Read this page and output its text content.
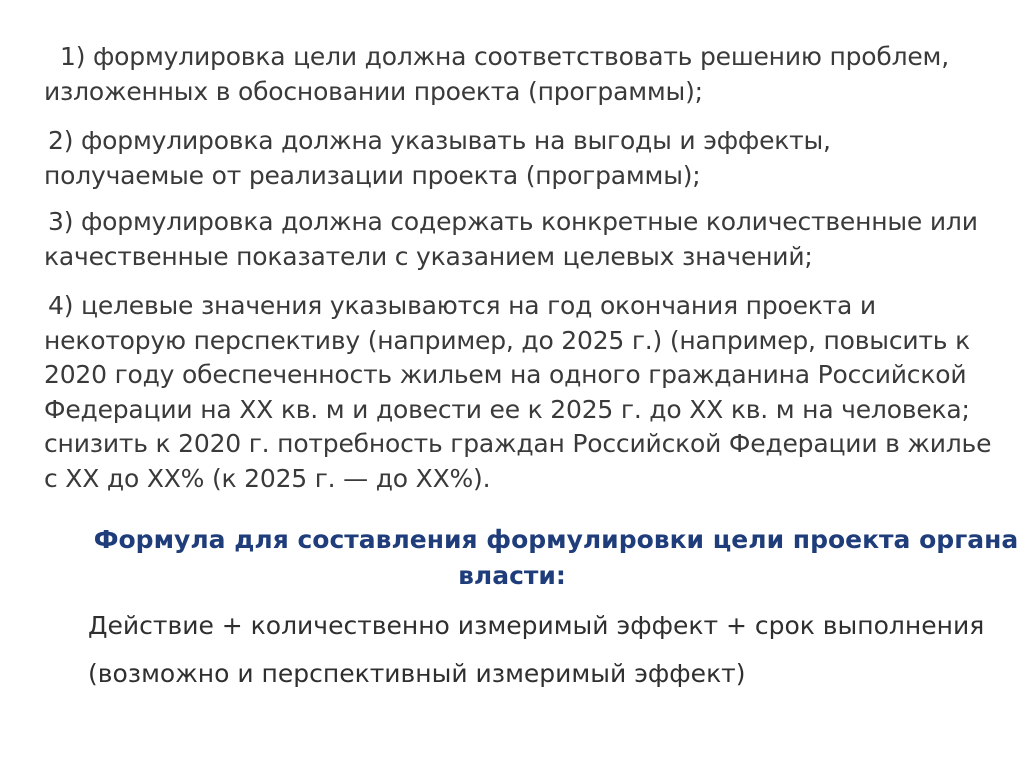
1) формулировка цели должна соответствовать решению проблем,
изложенных в обосновании проекта (программы);

2) формулировка должна указывать на выгоды и эффекты,
получаемые от реализации проекта (программы);

3) формулировка должна содержать конкретные количественные или
качественные показатели с указанием целевых значений;

4) целевые значения указываются на год окончания проекта и
некоторую перспективу (например, до 2025 г.) (например, повысить к
2020 году обеспеченность жильем на одного гражданина Российской
Федерации на XX кв. м и довести ее к 2025 г. до XX кв. м на человека;
снизить к 2020 г. потребность граждан Российской Федерации в жилье
с XX до XX% (к 2025 г. — до XX%).

Формула для составления формулировки цели проекта органа
власти:

Действие + количественно измеримый эффект + срок выполнения
(возможно и перспективный измеримый эффект)
